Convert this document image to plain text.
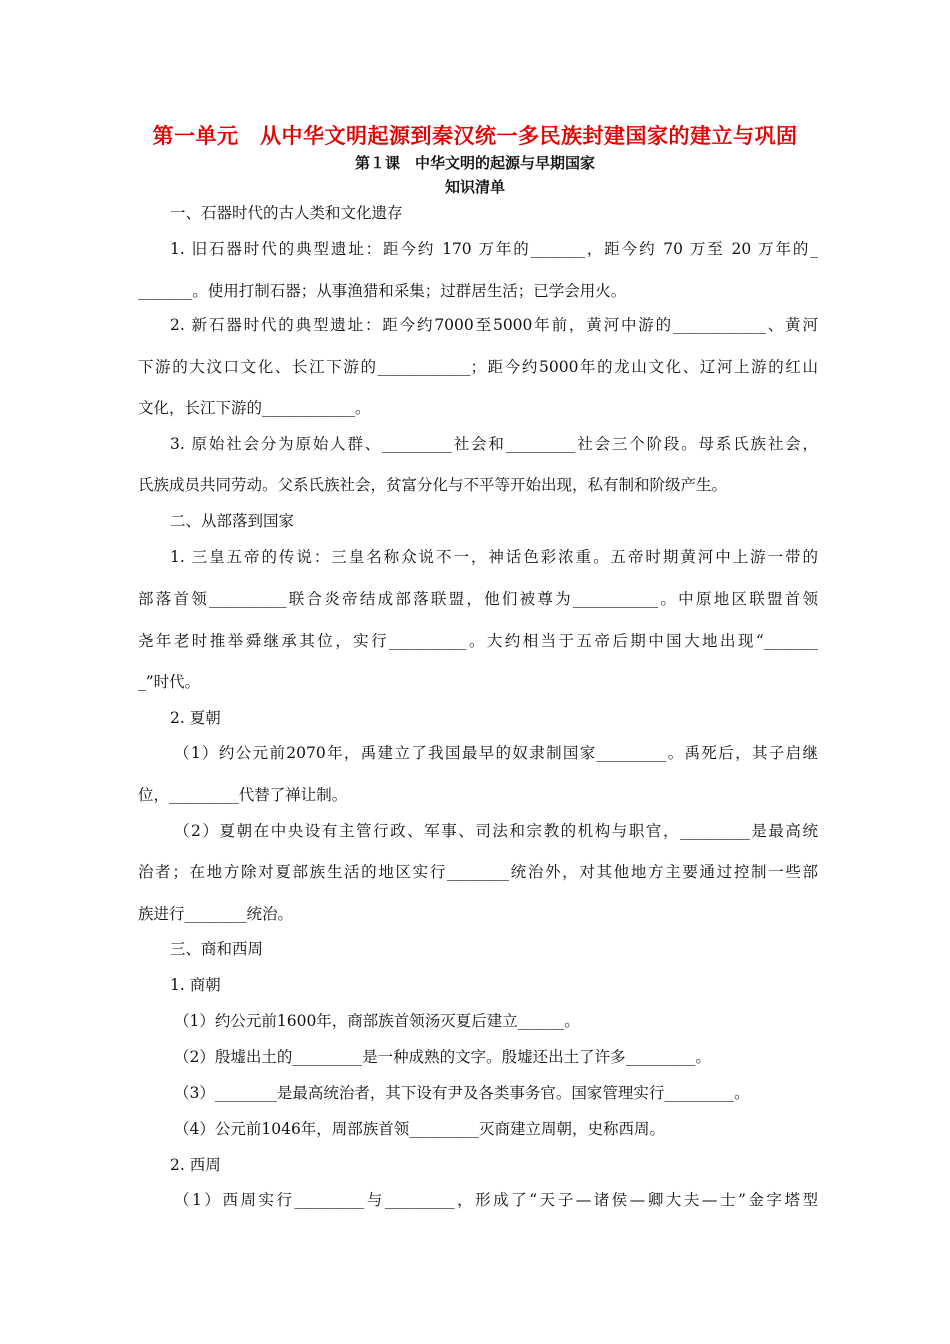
第一单元　从中华文明起源到秦汉统一多民族封建国家的建立与巩固
第１课　中华文明的起源与早期国家
知识清单
一、石器时代的古人类和文化遗存
1. 旧石器时代的典型遗址：距今约 170 万年的_______，距今约 70 万至 20 万年的_
_______。使用打制石器；从事渔猎和采集；过群居生活；已学会用火。
2. 新石器时代的典型遗址：距今约7000至5000年前，黄河中游的____________、黄河
下游的大汶口文化、长江下游的____________；距今约5000年的龙山文化、辽河上游的红山
文化，长江下游的____________。
3. 原始社会分为原始人群、_________社会和_________社会三个阶段。母系氏族社会，
氏族成员共同劳动。父系氏族社会，贫富分化与不平等开始出现，私有制和阶级产生。
二、从部落到国家
1. 三皇五帝的传说：三皇名称众说不一，神话色彩浓重。五帝时期黄河中上游一带的
部落首领__________联合炎帝结成部落联盟，他们被尊为___________。中原地区联盟首领
尧年老时推举舜继承其位，实行__________。大约相当于五帝后期中国大地出现“_______
_”时代。
2. 夏朝
（1）约公元前2070年，禹建立了我国最早的奴隶制国家_________。禹死后，其子启继
位，_________代替了禅让制。
（2）夏朝在中央设有主管行政、军事、司法和宗教的机构与职官，_________是最高统
治者；在地方除对夏部族生活的地区实行________统治外，对其他地方主要通过控制一些部
族进行________统治。
三、商和西周
1. 商朝
（1）约公元前1600年，商部族首领汤灭夏后建立______。
（2）殷墟出土的_________是一种成熟的文字。殷墟还出土了许多_________。
（3）________是最高统治者，其下设有尹及各类事务官。国家管理实行_________。
（4）公元前1046年，周部族首领_________灭商建立周朝，史称西周。
2. 西周
（1）西周实行_________与_________，形成了“天子—诸侯—卿大夫—士”金字塔型
